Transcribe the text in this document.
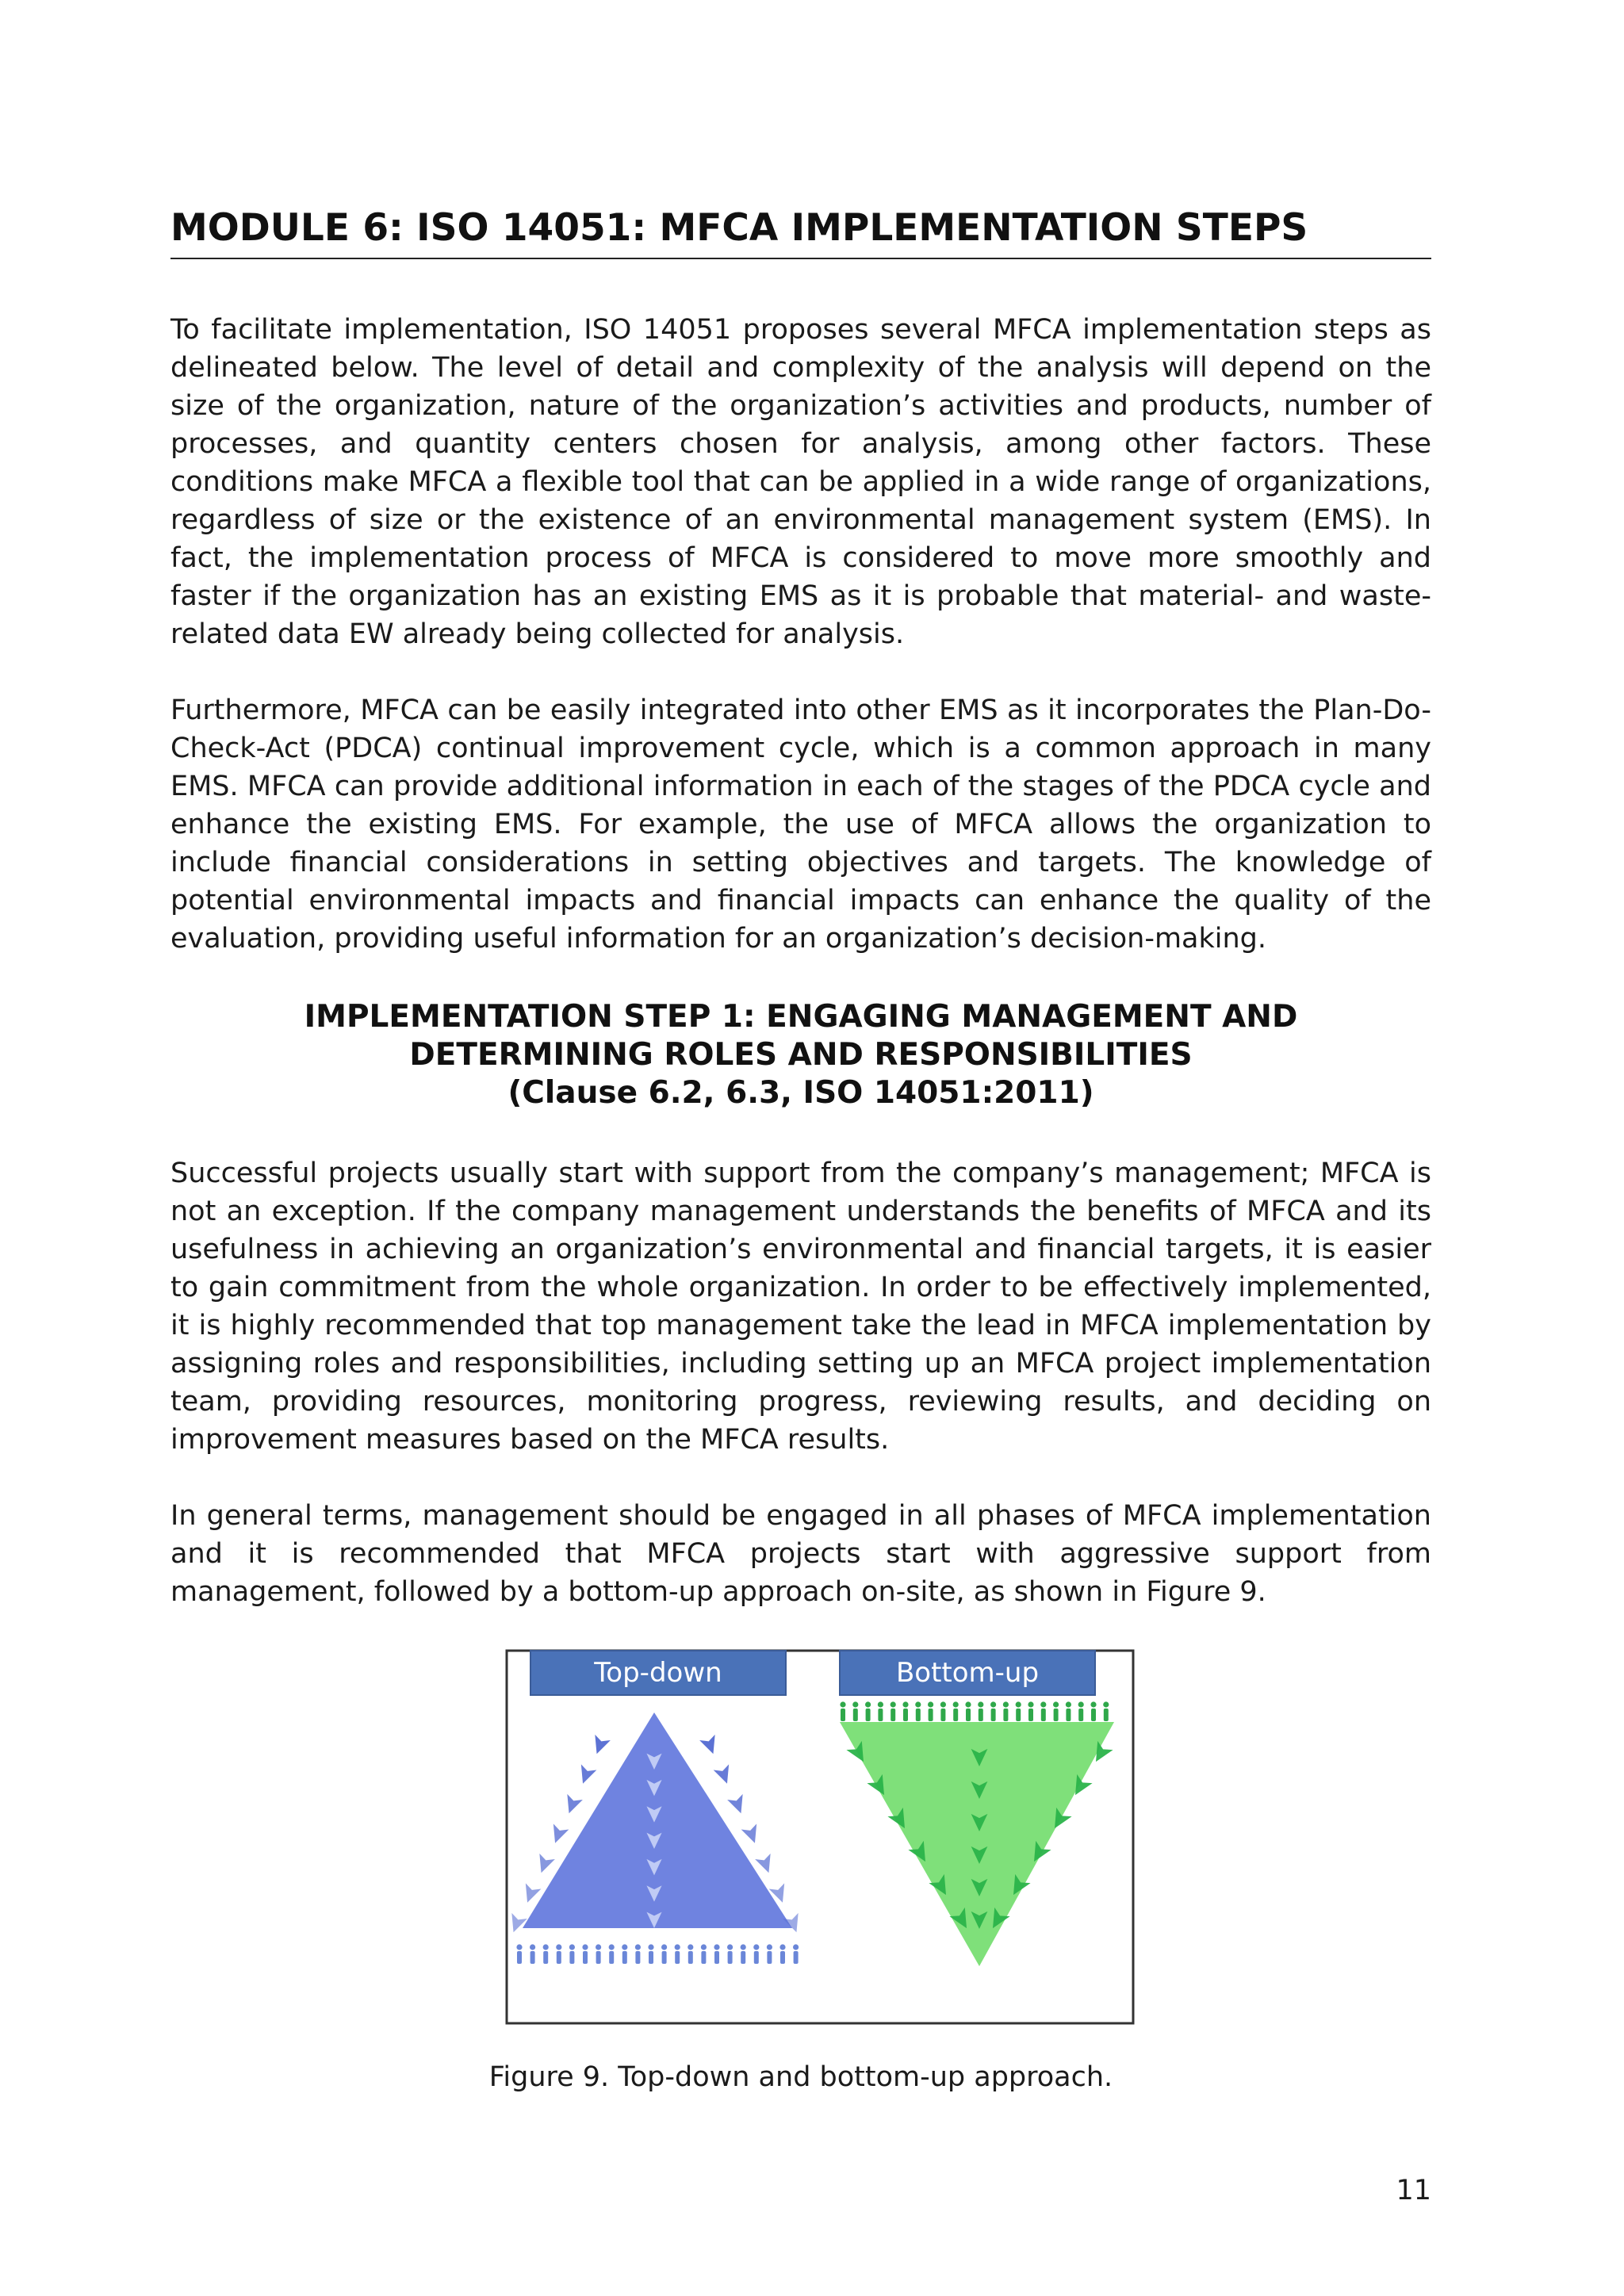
MODULE 6: ISO 14051: MFCA IMPLEMENTATION STEPS

To facilitate implementation, ISO 14051 proposes several MFCA implementation steps as delineated below. The level of detail and complexity of the analysis will depend on the size of the organization, nature of the organization’s activities and products, number of processes, and quantity centers chosen for analysis, among other factors. These conditions make MFCA a flexible tool that can be applied in a wide range of organizations, regardless of size or the existence of an environmental management system (EMS). In fact, the implementation process of MFCA is considered to move more smoothly and faster if the organization has an existing EMS as it is probable that material- and waste-related data EW already being collected for analysis.

Furthermore, MFCA can be easily integrated into other EMS as it incorporates the Plan-Do-Check-Act (PDCA) continual improvement cycle, which is a common approach in many EMS. MFCA can provide additional information in each of the stages of the PDCA cycle and enhance the existing EMS. For example, the use of MFCA allows the organization to include financial considerations in setting objectives and targets. The knowledge of potential environmental impacts and financial impacts can enhance the quality of the evaluation, providing useful information for an organization’s decision-making.

IMPLEMENTATION STEP 1: ENGAGING MANAGEMENT AND
DETERMINING ROLES AND RESPONSIBILITIES
(Clause 6.2, 6.3, ISO 14051:2011)

Successful projects usually start with support from the company’s management; MFCA is not an exception. If the company management understands the benefits of MFCA and its usefulness in achieving an organization’s environmental and financial targets, it is easier to gain commitment from the whole organization. In order to be effectively implemented, it is highly recommended that top management take the lead in MFCA implementation by assigning roles and responsibilities, including setting up an MFCA project implementation team, providing resources, monitoring progress, reviewing results, and deciding on improvement measures based on the MFCA results.

In general terms, management should be engaged in all phases of MFCA implementation and it is recommended that MFCA projects start with aggressive support from management, followed by a bottom-up approach on-site, as shown in Figure 9.

Top-down	Bottom-up

Figure 9. Top-down and bottom-up approach.

11
